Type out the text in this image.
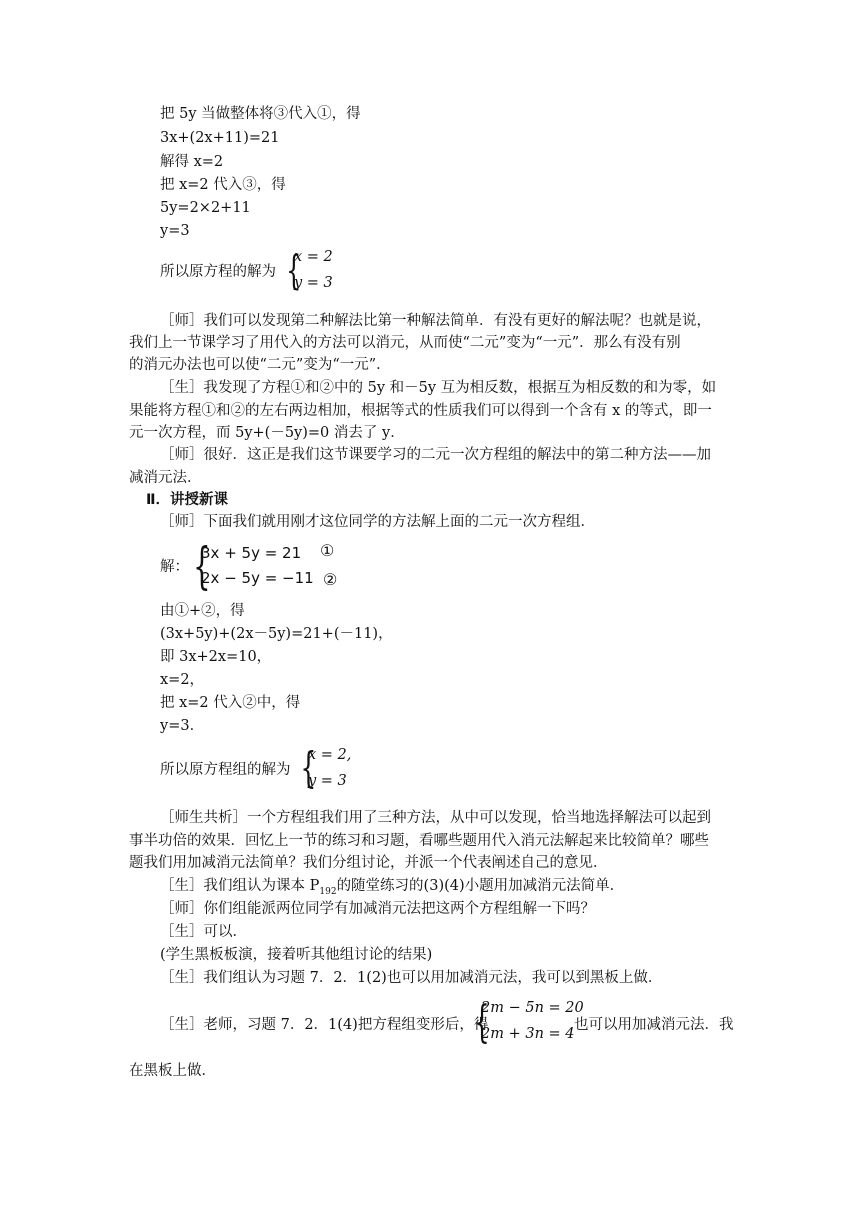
把 5y 当做整体将③代入①，得
3x+(2x+11)=21
解得 x=2
把 x=2 代入③，得
5y=2×2+11
y=3
所以原方程的解为 {
x = 2
y = 3
［师］我们可以发现第二种解法比第一种解法简单．有没有更好的解法呢？也就是说，
我们上一节课学习了用代入的方法可以消元，从而使“二元”变为“一元”．那么有没有别
的消元办法也可以使“二元”变为“一元”．
［生］我发现了方程①和②中的 5y 和－5y 互为相反数，根据互为相反数的和为零，如
果能将方程①和②的左右两边相加，根据等式的性质我们可以得到一个含有 x 的等式，即一
元一次方程，而 5y+(－5y)=0 消去了 y．
［师］很好．这正是我们这节课要学习的二元一次方程组的解法中的第二种方法——加
减消元法．
Ⅱ．讲授新课
［师］下面我们就用刚才这位同学的方法解上面的二元一次方程组．
解： {
3x + 5y = 21
2x − 5y = −11
①
②
由①+②，得
(3x+5y)+(2x－5y)=21+(－11)，
即 3x+2x=10，
x=2，
把 x=2 代入②中，得
y=3．
所以原方程组的解为 {
x = 2,
y = 3
［师生共析］一个方程组我们用了三种方法，从中可以发现，恰当地选择解法可以起到
事半功倍的效果．回忆上一节的练习和习题，看哪些题用代入消元法解起来比较简单？哪些
题我们用加减消元法简单？我们分组讨论，并派一个代表阐述自己的意见．
［生］我们组认为课本 $P_{192}$的随堂练习的(3)(4)小题用加减消元法简单．
［师］你们组能派两位同学有加减消元法把这两个方程组解一下吗？
［生］可以．
(学生黑板板演，接着听其他组讨论的结果)
［生］我们组认为习题 7．2．1(2)也可以用加减消元法，我可以到黑板上做．
［生］老师，习题 7．2．1(4)把方程组变形后，得
{
2m − 5n = 20
2m + 3n = 4
也可以用加减消元法．我
在黑板上做．
